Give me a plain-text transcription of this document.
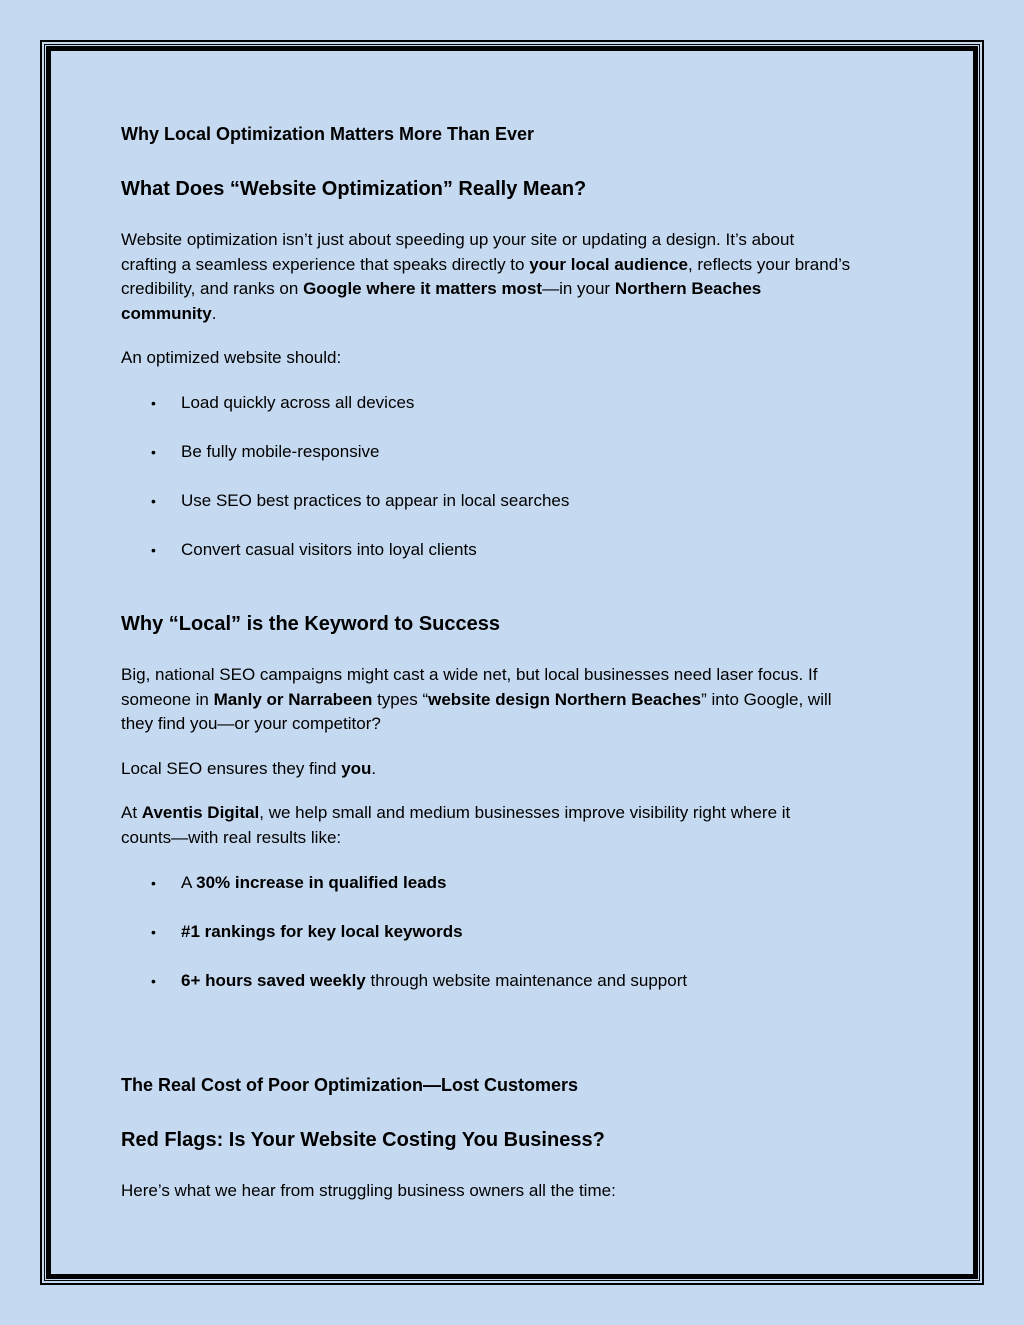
Why Local Optimization Matters More Than Ever

What Does “Website Optimization” Really Mean?

Website optimization isn’t just about speeding up your site or updating a design. It’s about
crafting a seamless experience that speaks directly to your local audience, reflects your brand’s
credibility, and ranks on Google where it matters most—in your Northern Beaches
community.

An optimized website should:

• Load quickly across all devices
• Be fully mobile-responsive
• Use SEO best practices to appear in local searches
• Convert casual visitors into loyal clients

Why “Local” is the Keyword to Success

Big, national SEO campaigns might cast a wide net, but local businesses need laser focus. If
someone in Manly or Narrabeen types “website design Northern Beaches” into Google, will
they find you—or your competitor?

Local SEO ensures they find you.

At Aventis Digital, we help small and medium businesses improve visibility right where it
counts—with real results like:

• A 30% increase in qualified leads
• #1 rankings for key local keywords
• 6+ hours saved weekly through website maintenance and support

The Real Cost of Poor Optimization—Lost Customers

Red Flags: Is Your Website Costing You Business?

Here’s what we hear from struggling business owners all the time:
